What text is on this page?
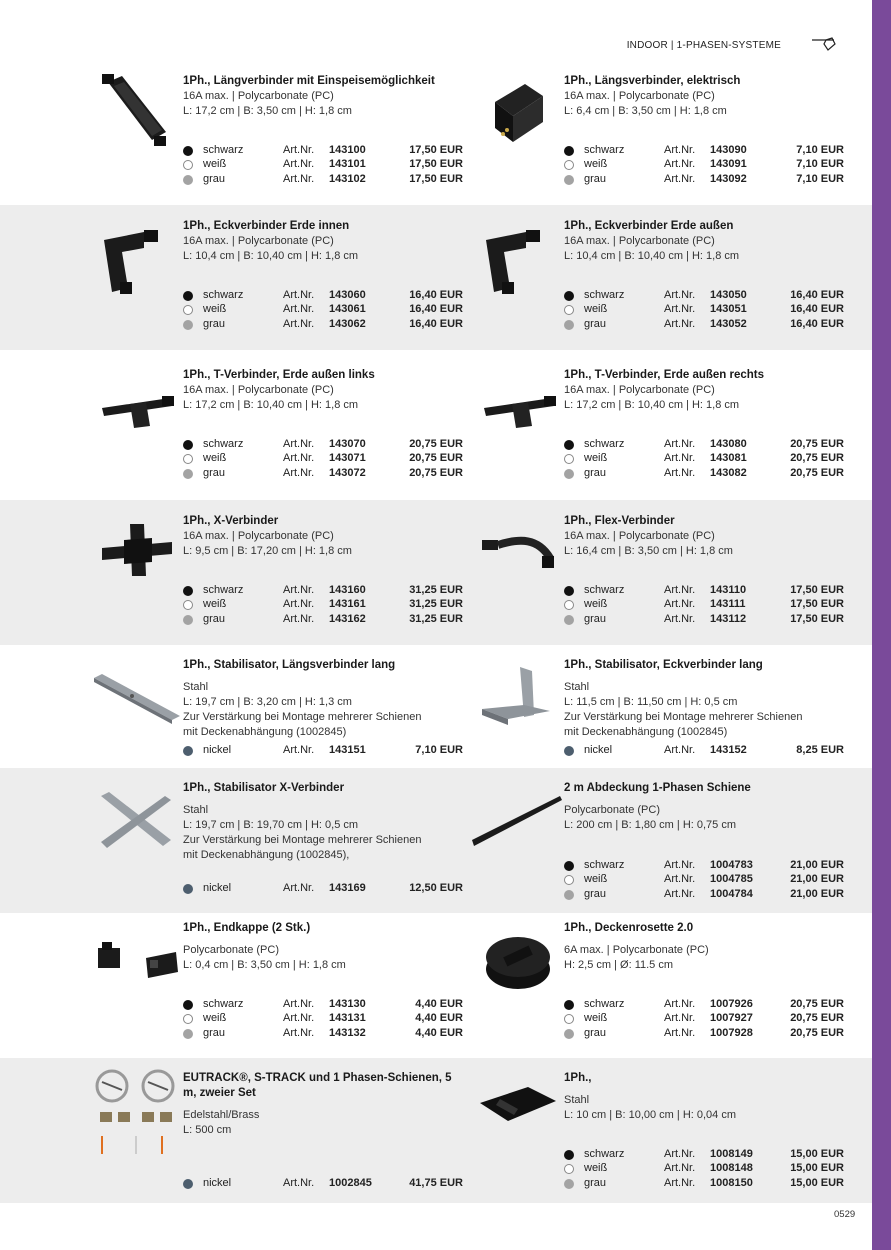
INDOOR | 1-PHASEN-SYSTEME
1Ph., Längverbinder mit Einspeisemöglichkeit
16A max. | Polycarbonate (PC)
L: 17,2 cm | B: 3,50 cm | H: 1,8 cm
schwarz	Art.Nr. 143100	17,50 EUR
weiß	Art.Nr. 143101	17,50 EUR
grau	Art.Nr. 143102	17,50 EUR
1Ph., Längsverbinder, elektrisch
16A max. | Polycarbonate (PC)
L: 6,4 cm | B: 3,50 cm | H: 1,8 cm
schwarz	Art.Nr. 143090	7,10 EUR
weiß	Art.Nr. 143091	7,10 EUR
grau	Art.Nr. 143092	7,10 EUR
1Ph., Eckverbinder Erde innen
16A max. | Polycarbonate (PC)
L: 10,4 cm | B: 10,40 cm | H: 1,8 cm
schwarz	Art.Nr. 143060	16,40 EUR
weiß	Art.Nr. 143061	16,40 EUR
grau	Art.Nr. 143062	16,40 EUR
1Ph., Eckverbinder Erde außen
16A max. | Polycarbonate (PC)
L: 10,4 cm | B: 10,40 cm | H: 1,8 cm
schwarz	Art.Nr. 143050	16,40 EUR
weiß	Art.Nr. 143051	16,40 EUR
grau	Art.Nr. 143052	16,40 EUR
1Ph., T-Verbinder, Erde außen links
16A max. | Polycarbonate (PC)
L: 17,2 cm | B: 10,40 cm | H: 1,8 cm
schwarz	Art.Nr. 143070	20,75 EUR
weiß	Art.Nr. 143071	20,75 EUR
grau	Art.Nr. 143072	20,75 EUR
1Ph., T-Verbinder, Erde außen rechts
16A max. | Polycarbonate (PC)
L: 17,2 cm | B: 10,40 cm | H: 1,8 cm
schwarz	Art.Nr. 143080	20,75 EUR
weiß	Art.Nr. 143081	20,75 EUR
grau	Art.Nr. 143082	20,75 EUR
1Ph., X-Verbinder
16A max. | Polycarbonate (PC)
L: 9,5 cm | B: 17,20 cm | H: 1,8 cm
schwarz	Art.Nr. 143160	31,25 EUR
weiß	Art.Nr. 143161	31,25 EUR
grau	Art.Nr. 143162	31,25 EUR
1Ph., Flex-Verbinder
16A max. | Polycarbonate (PC)
L: 16,4 cm | B: 3,50 cm | H: 1,8 cm
schwarz	Art.Nr. 143110	17,50 EUR
weiß	Art.Nr. 143111	17,50 EUR
grau	Art.Nr. 143112	17,50 EUR
1Ph., Stabilisator, Längsverbinder lang
Stahl
L: 19,7 cm | B: 3,20 cm | H: 1,3 cm
Zur Verstärkung bei Montage mehrerer Schienen
mit Deckenabhängung (1002845)
nickel	Art.Nr. 143151	7,10 EUR
1Ph., Stabilisator, Eckverbinder lang
Stahl
L: 11,5 cm | B: 11,50 cm | H: 0,5 cm
Zur Verstärkung bei Montage mehrerer Schienen
mit Deckenabhängung (1002845)
nickel	Art.Nr. 143152	8,25 EUR
1Ph., Stabilisator X-Verbinder
Stahl
L: 19,7 cm | B: 19,70 cm | H: 0,5 cm
Zur Verstärkung bei Montage mehrerer Schienen
mit Deckenabhängung (1002845),
nickel	Art.Nr. 143169	12,50 EUR
2 m Abdeckung 1-Phasen Schiene
Polycarbonate (PC)
L: 200 cm | B: 1,80 cm | H: 0,75 cm
schwarz	Art.Nr. 1004783	21,00 EUR
weiß	Art.Nr. 1004785	21,00 EUR
grau	Art.Nr. 1004784	21,00 EUR
1Ph., Endkappe (2 Stk.)
Polycarbonate (PC)
L: 0,4 cm | B: 3,50 cm | H: 1,8 cm
schwarz	Art.Nr. 143130	4,40 EUR
weiß	Art.Nr. 143131	4,40 EUR
grau	Art.Nr. 143132	4,40 EUR
1Ph., Deckenrosette 2.0
6A max. | Polycarbonate (PC)
H: 2,5 cm | Ø: 11.5 cm
schwarz	Art.Nr. 1007926	20,75 EUR
weiß	Art.Nr. 1007927	20,75 EUR
grau	Art.Nr. 1007928	20,75 EUR
EUTRACK®, S-TRACK und 1 Phasen-Schienen, 5 m, zweier Set
Edelstahl/Brass
L: 500 cm
nickel	Art.Nr. 1002845	41,75 EUR
1Ph.,
Stahl
L: 10 cm | B: 10,00 cm | H: 0,04 cm
schwarz	Art.Nr. 1008149	15,00 EUR
weiß	Art.Nr. 1008148	15,00 EUR
grau	Art.Nr. 1008150	15,00 EUR
0529
